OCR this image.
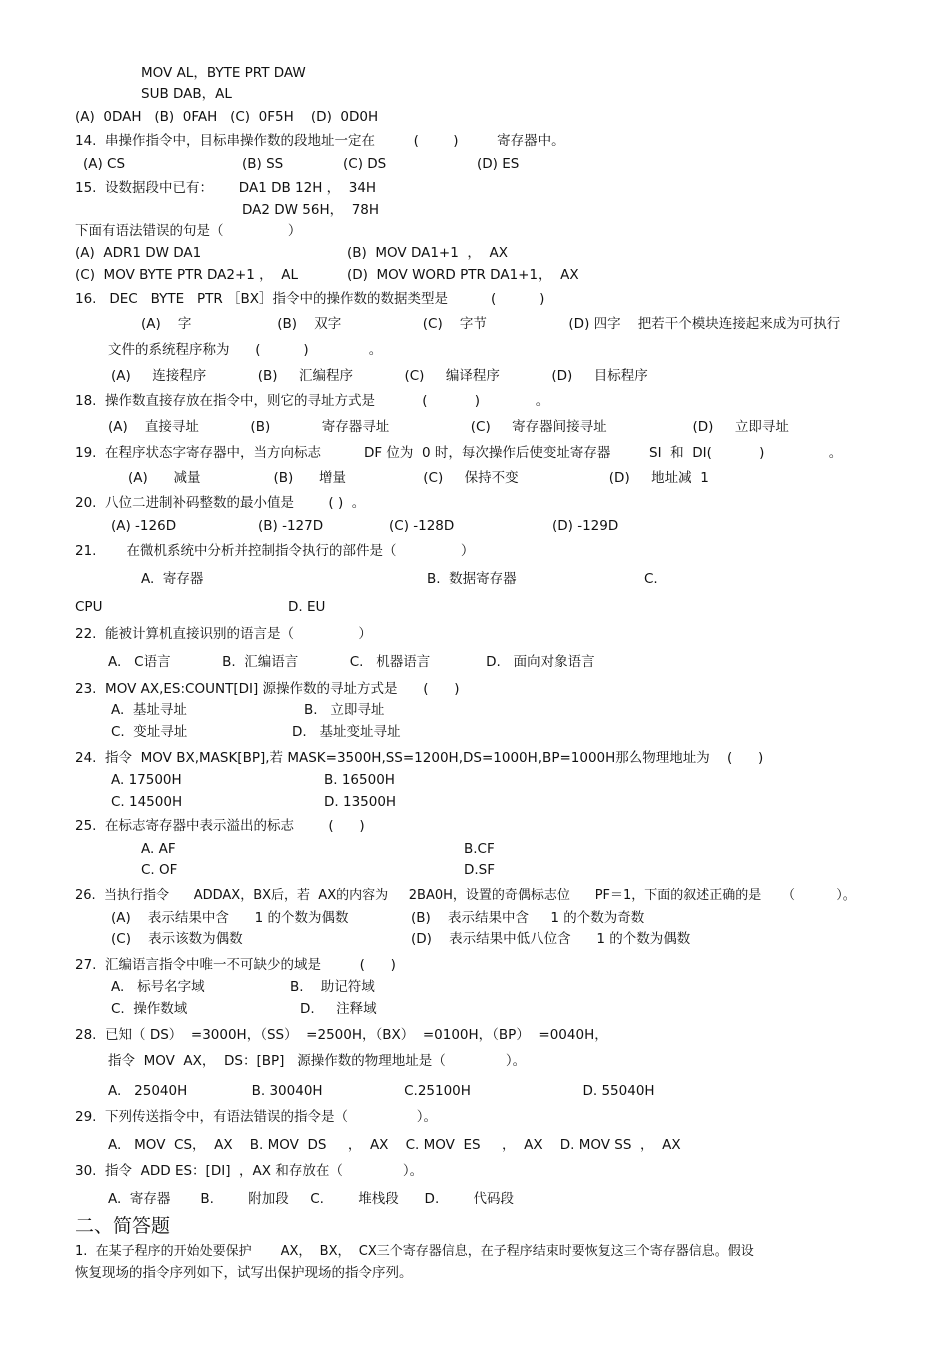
MOV AL，BYTE PRT DAW
SUB DAB，AL
(A)  0DAH   (B)  0FAH   (C)  0F5H    (D)  0D0H
14.  串操作指令中，目标串操作数的段地址一定在         (        )         寄存器中。
(A) CS	(B) SS	(C) DS	(D) ES
15.  设数据段中已有：      DA1 DB 12H ，  34H
DA2 DW 56H，  78H
下面有语法错误的句是（               ）
(A)  ADR1 DW DA1	(B)  MOV DA1+1  ，  AX
(C)  MOV BYTE PTR DA2+1 ，  AL	(D)  MOV WORD PTR DA1+1，  AX
16.   DEC   BYTE   PTR ［BX］指令中的操作数的数据类型是          (          )
(A)    字                    (B)    双字                   (C)    字节                   (D) 四字    把若干个模块连接起来成为可执行
文件的系统程序称为      (          )              。
(A)     连接程序            (B)     汇编程序            (C)     编译程序            (D)     目标程序
18.  操作数直接存放在指令中，则它的寻址方式是           (           )             。
(A)    直接寻址            (B)            寄存器寻址                   (C)     寄存器间接寻址                    (D)     立即寻址
19.  在程序状态字寄存器中，当方向标志          DF 位为  0 时，每次操作后使变址寄存器         SI  和  DI(           )               。
(A)      减量                 (B)      增量                  (C)     保持不变                     (D)     地址减  1
20.  八位二进制补码整数的最小值是        ( )  。
(A) -126D	(B) -127D	(C) -128D	(D) -129D
21.       在微机系统中分析并控制指令执行的部件是（               ）
A.  寄存器	B.  数据寄存器	C.
CPU	D. EU
22.  能被计算机直接识别的语言是（               ）
A.   C语言            B.  汇编语言            C.   机器语言             D.   面向对象语言
23.  MOV AX,ES:COUNT[DI] 源操作数的寻址方式是      (      )
A.  基址寻址	B.   立即寻址
C.  变址寻址	D.   基址变址寻址
24.  指令  MOV BX,MASK[BP],若 MASK=3500H,SS=1200H,DS=1000H,BP=1000H那么物理地址为    (      )
A. 17500H	B. 16500H
C. 14500H	D. 13500H
25.  在标志寄存器中表示溢出的标志        (      )
A. AF	B.CF
C. OF	D.SF
26.  当执行指令      ADDAX，BX后，若  AX的内容为     2BA0H，设置的奇偶标志位      PF＝1，下面的叙述正确的是     （          ）。
(A)    表示结果中含      1 的个数为偶数	(B)    表示结果中含     1 的个数为奇数
(C)    表示该数为偶数	(D)    表示结果中低八位含      1 的个数为偶数
27.  汇编语言指令中唯一不可缺少的域是         (      )
A.   标号名字域	B.    助记符域
C.  操作数域	D.     注释域
28.  已知（ DS）  =3000H，（SS）  =2500H，（BX）  =0100H，（BP）  =0040H，
指令  MOV  AX，  DS：[BP]   源操作数的物理地址是（              ）。
A.   25040H               B. 30040H                   C.25100H                          D. 55040H
29.  下列传送指令中，有语法错误的指令是（                ）。
A.   MOV  CS，  AX    B. MOV  DS     ，  AX    C. MOV  ES     ，  AX    D. MOV SS  ，  AX
30.  指令  ADD ES：[DI]  ，AX 和存放在（              ）。
A.  寄存器       B.        附加段     C.        堆栈段      D.        代码段
二、简答题
1.  在某子程序的开始处要保护       AX，  BX，  CX三个寄存器信息，在子程序结束时要恢复这三个寄存器信息。假设
恢复现场的指令序列如下，试写出保护现场的指令序列。
